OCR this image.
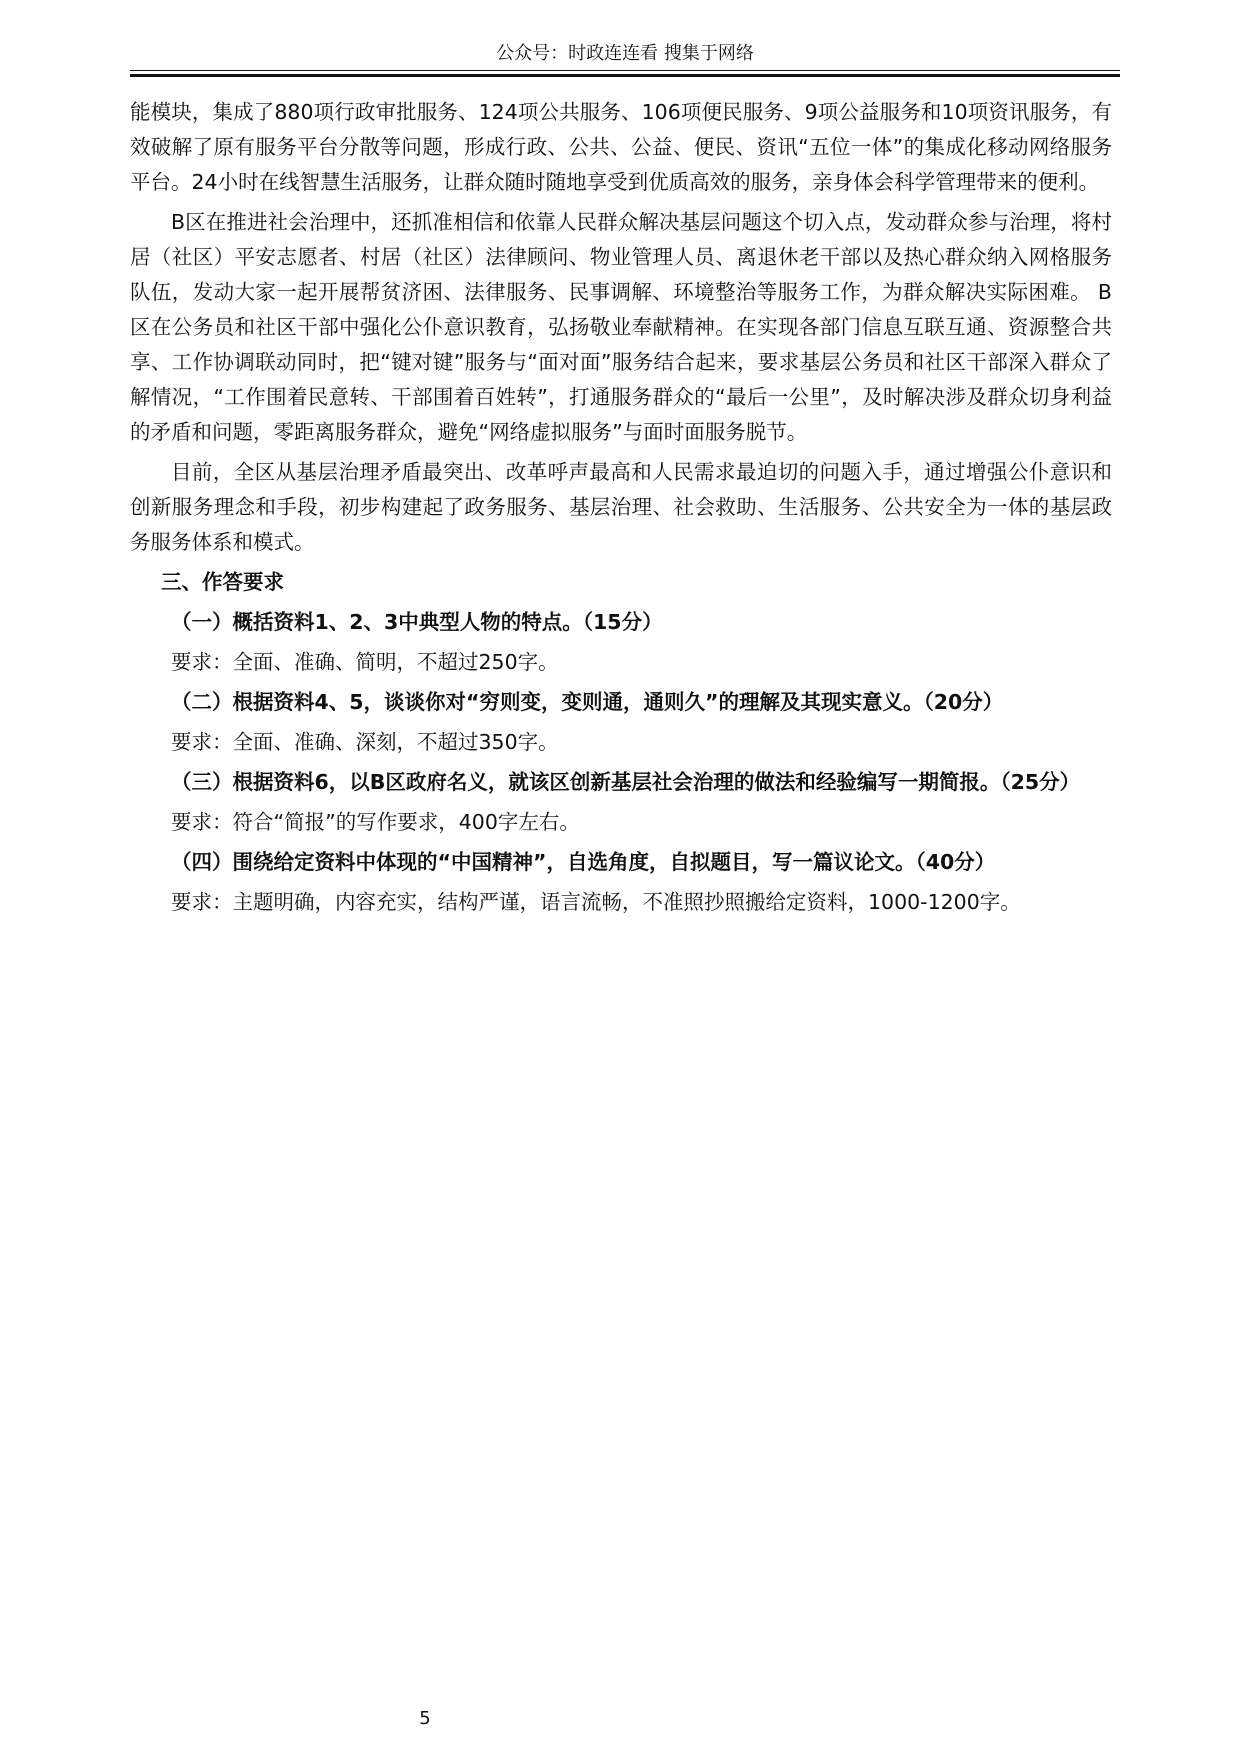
公众号：时政连连看 搜集于网络

能模块，集成了880项行政审批服务、124项公共服务、106项便民服务、9项公益服务和10项资讯服务，有效破解了原有服务平台分散等问题，形成行政、公共、公益、便民、资讯“五位一体”的集成化移动网络服务平台。24小时在线智慧生活服务，让群众随时随地享受到优质高效的服务，亲身体会科学管理带来的便利。

B区在推进社会治理中，还抓准相信和依靠人民群众解决基层问题这个切入点，发动群众参与治理，将村居（社区）平安志愿者、村居（社区）法律顾问、物业管理人员、离退休老干部以及热心群众纳入网格服务队伍，发动大家一起开展帮贫济困、法律服务、民事调解、环境整治等服务工作，为群众解决实际困难。 B区在公务员和社区干部中强化公仆意识教育，弘扬敬业奉献精神。在实现各部门信息互联互通、资源整合共享、工作协调联动同时，把“键对键”服务与“面对面”服务结合起来，要求基层公务员和社区干部深入群众了解情况，“工作围着民意转、干部围着百姓转”，打通服务群众的“最后一公里”，及时解决涉及群众切身利益的矛盾和问题，零距离服务群众，避免“网络虚拟服务”与面时面服务脱节。

目前，全区从基层治理矛盾最突出、改革呼声最高和人民需求最迫切的问题入手，通过增强公仆意识和创新服务理念和手段，初步构建起了政务服务、基层治理、社会救助、生活服务、公共安全为一体的基层政务服务体系和模式。

三、作答要求

（一）概括资料1、2、3中典型人物的特点。（15分）

要求：全面、准确、简明，不超过250字。

（二）根据资料4、5，谈谈你对“穷则变，变则通，通则久”的理解及其现实意义。（20分）

要求：全面、准确、深刻，不超过350字。

（三）根据资料6，以B区政府名义，就该区创新基层社会治理的做法和经验编写一期简报。（25分）

要求：符合“简报”的写作要求，400字左右。

（四）围绕给定资料中体现的“中国精神”，自选角度，自拟题目，写一篇议论文。（40分）

要求：主题明确，内容充实，结构严谨，语言流畅，不准照抄照搬给定资料，1000-1200字。

5
